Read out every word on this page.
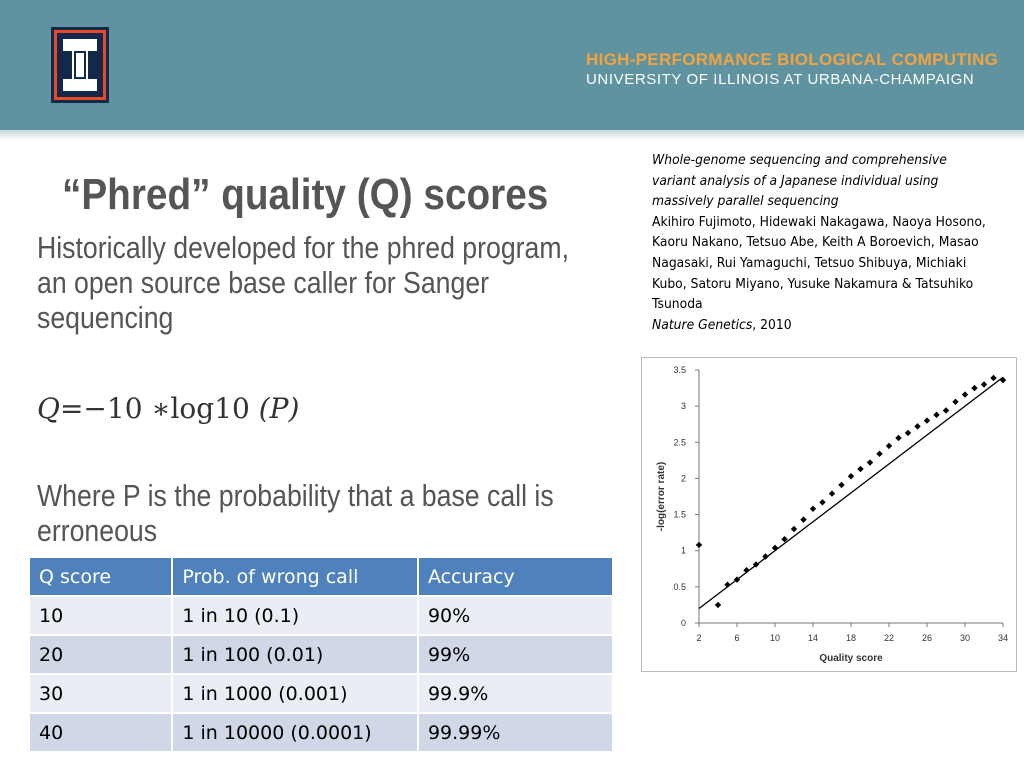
HIGH-PERFORMANCE BIOLOGICAL COMPUTING
UNIVERSITY OF ILLINOIS AT URBANA-CHAMPAIGN
“Phred” quality (Q) scores
Historically developed for the phred program, an open source base caller for Sanger sequencing
Q=−10 ∗log10 (P)
Where P is the probability that a base call is erroneous
Whole-genome sequencing and comprehensive variant analysis of a Japanese individual using massively parallel sequencing
Akihiro Fujimoto, Hidewaki Nakagawa, Naoya Hosono, Kaoru Nakano, Tetsuo Abe, Keith A Boroevich, Masao Nagasaki, Rui Yamaguchi, Tetsuo Shibuya, Michiaki Kubo, Satoru Miyano, Yusuke Nakamura & Tatsuhiko Tsunoda
Nature Genetics, 2010
Q score	Prob. of wrong call	Accuracy
10	1 in 10 (0.1)	90%
20	1 in 100 (0.01)	99%
30	1 in 1000 (0.001)	99.9%
40	1 in 10000 (0.0001)	99.99%
2	6	10	14	18	22	26	30	34
0
0.5
1
1.5
2
2.5
3
3.5
Quality score
-log(error rate)
